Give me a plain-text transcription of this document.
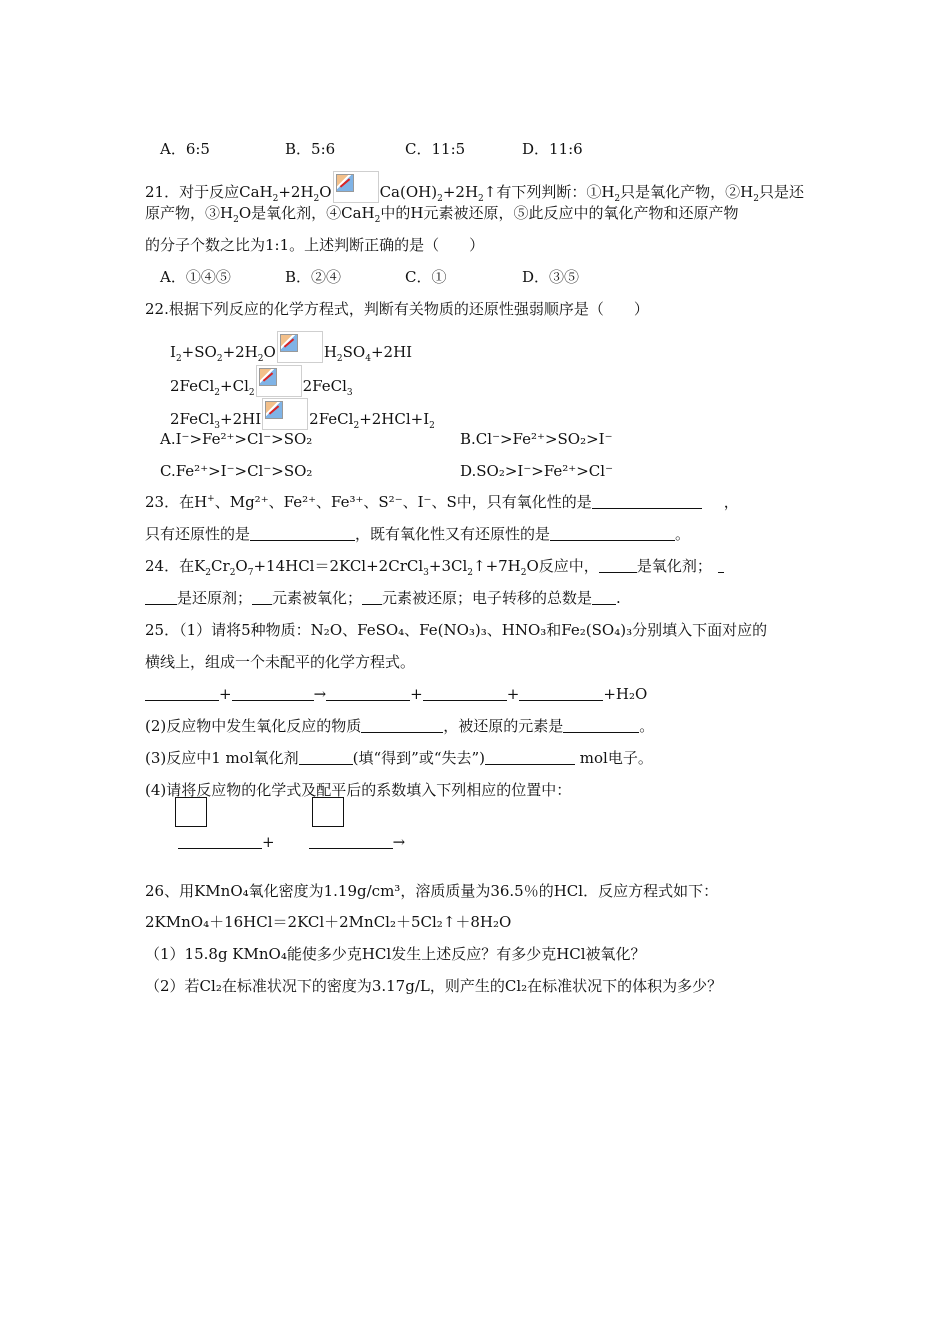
A．6:5	B．5:6	C．11:5	D．11:6
21．对于反应$CaH_2+2H_2O$	$Ca(OH)_2+2H_2↑$有下列判断：$①H_2$只是氧化产物，$②H_2$只是还
原产物，$③H_2O$是氧化剂，④CaH$_2$中的H元素被还原，⑤此反应中的氧化产物和还原产物
的分子个数之比为1:1。上述判断正确的是（　　）
A．①④⑤	B．②④	C．①	D．③⑤
22.根据下列反应的化学方程式，判断有关物质的还原性强弱顺序是（　　）
$I_2+SO_2+2H_2O$	$H_2SO_4+2HI$
$2FeCl_2+Cl_2$	2FeCl$_3$
2FeCl$_3$+2HI	$2FeCl_2+2HCl+I_2$
A.I⁻>Fe²⁺>Cl⁻>SO₂	B.Cl⁻>Fe²⁺>SO₂>I⁻
C.Fe²⁺>I⁻>Cl⁻>SO₂	D.SO₂>I⁻>Fe²⁺>Cl⁻
23．在H+、Mg²⁺、Fe²⁺、Fe³⁺、S²⁻、I⁻、S中，只有氧化性的是	，
只有还原性的是	，既有氧化性又有还原性的是	。
24．在$K_2Cr_2O_7+14HCl=2KCl+2CrCl_3+3Cl_2↑+7H_2O$反应中，	是氧化剂；
是还原剂； 元素被氧化； 元素被还原；电子转移的总数是 .
25．（1）请将5种物质：N₂O、FeSO₄、Fe(NO₃)₃、HNO₃和Fe₂(SO₄)₃分别填入下面对应的
横线上，组成一个未配平的化学方程式。
+	→	+	+	+H₂O
(2)反应物中发生氧化反应的物质	，被还原的元素是	。
(3)反应中1 mol氧化剂	(填“得到”或“失去”)	mol电子。
(4)请将反应物的化学式及配平后的系数填入下列相应的位置中：
+	→
26、用KMnO₄氧化密度为1.19g/cm³，溶质质量为36.5％的HCl．反应方程式如下：
2KMnO₄＋16HCl＝2KCl＋2MnCl₂＋5Cl₂↑＋8H₂O
（1）15.8g KMnO₄能使多少克HCl发生上述反应？有多少克HCl被氧化？
（2）若Cl₂在标准状况下的密度为3.17g/L，则产生的Cl₂在标准状况下的体积为多少？
